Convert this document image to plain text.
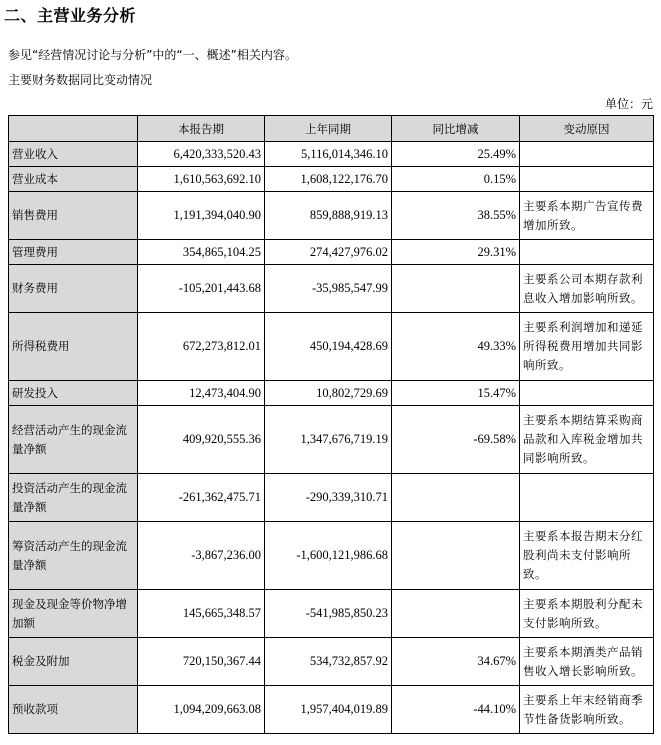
二、主营业务分析
参见“经营情况讨论与分析”中的“一、概述”相关内容。
主要财务数据同比变动情况
单位：元
	本报告期	上年同期	同比增减	变动原因
营业收入	6,420,333,520.43	5,116,014,346.10	25.49%	
营业成本	1,610,563,692.10	1,608,122,176.70	0.15%	
销售费用	1,191,394,040.90	859,888,919.13	38.55%	主要系本期广告宣传费增加所致。
管理费用	354,865,104.25	274,427,976.02	29.31%	
财务费用	-105,201,443.68	-35,985,547.99		主要系公司本期存款利息收入增加影响所致。
所得税费用	672,273,812.01	450,194,428.69	49.33%	主要系利润增加和递延所得税费用增加共同影响所致。
研发投入	12,473,404.90	10,802,729.69	15.47%	
经营活动产生的现金流量净额	409,920,555.36	1,347,676,719.19	-69.58%	主要系本期结算采购商品款和入库税金增加共同影响所致。
投资活动产生的现金流量净额	-261,362,475.71	-290,339,310.71		
筹资活动产生的现金流量净额	-3,867,236.00	-1,600,121,986.68		主要系本报告期末分红股利尚未支付影响所致。
现金及现金等价物净增加额	145,665,348.57	-541,985,850.23		主要系本期股利分配未支付影响所致。
税金及附加	720,150,367.44	534,732,857.92	34.67%	主要系本期酒类产品销售收入增长影响所致。
预收款项	1,094,209,663.08	1,957,404,019.89	-44.10%	主要系上年末经销商季节性备货影响所致。
